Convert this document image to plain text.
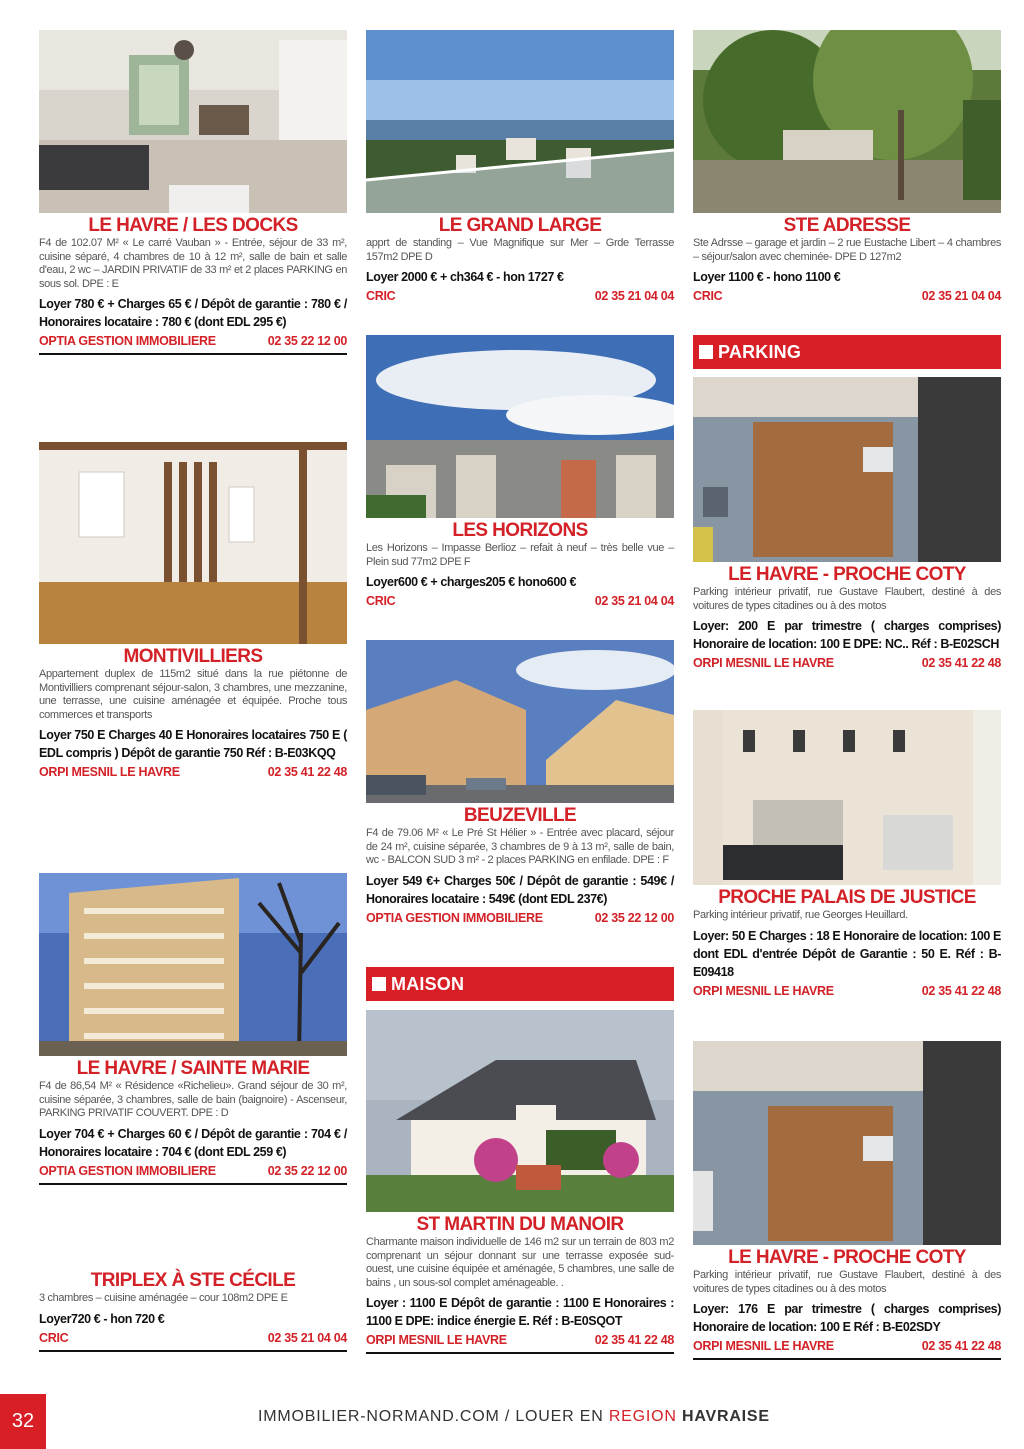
LE HAVRE / LES DOCKS
F4 de 102.07 M² « Le carré Vauban » - Entrée, séjour de 33 m², cuisine séparé, 4 chambres de 10 à 12 m², salle de bain et salle d'eau, 2 wc – JARDIN PRIVATIF de 33 m² et 2 places PARKING en sous sol. DPE : E
Loyer 780 € + Charges 65 € / Dépôt de garantie : 780 € / Honoraires locataire : 780 € (dont EDL 295 €)
OPTIA GESTION IMMOBILIERE	02 35 22 12 00
MONTIVILLIERS
Appartement duplex de 115m2 situé dans la rue piétonne de Montivilliers comprenant séjour-salon, 3 chambres, une mezzanine, une terrasse, une cuisine aménagée et équipée. Proche tous commerces et transports
Loyer 750 E Charges 40 E Honoraires locataires 750 E ( EDL compris ) Dépôt de garantie 750 Réf : B-E03KQQ
ORPI MESNIL LE HAVRE	02 35 41 22 48
LE HAVRE / SAINTE MARIE
F4 de 86,54 M² « Résidence «Richelieu». Grand séjour de 30 m², cuisine séparée, 3 chambres, salle de bain (baignoire) - Ascenseur, PARKING PRIVATIF COUVERT. DPE : D
Loyer 704 € + Charges 60 € / Dépôt de garantie : 704 € / Honoraires locataire : 704 € (dont EDL 259 €)
OPTIA GESTION IMMOBILIERE	02 35 22 12 00
TRIPLEX À STE CÉCILE
3 chambres – cuisine aménagée – cour 108m2 DPE E
Loyer720 € - hon 720 €
CRIC	02 35 21 04 04
LE GRAND LARGE
apprt de standing – Vue Magnifique sur Mer – Grde Terrasse 157m2 DPE D
Loyer 2000 € + ch364 € - hon 1727 €
CRIC	02 35 21 04 04
LES HORIZONS
Les Horizons – Impasse Berlioz – refait à neuf – très belle vue – Plein sud 77m2 DPE F
Loyer600 € + charges205 € hono600 €
CRIC	02 35 21 04 04
BEUZEVILLE
F4 de 79.06 M² « Le Pré St Hélier » - Entrée avec placard, séjour de 24 m², cuisine séparée, 3 chambres de 9 à 13 m², salle de bain, wc - BALCON SUD 3 m² - 2 places PARKING en enfilade. DPE : F
Loyer 549 €+ Charges 50€ / Dépôt de garantie : 549€ / Honoraires locataire : 549€ (dont EDL 237€)
OPTIA GESTION IMMOBILIERE	02 35 22 12 00
MAISON
ST MARTIN DU MANOIR
Charmante maison individuelle de 146 m2 sur un terrain de 803 m2 comprenant un séjour donnant sur une terrasse exposée sud-ouest, une cuisine équipée et aménagée, 5 chambres, une salle de bains , un sous-sol complet aménageable. .
Loyer : 1100 E Dépôt de garantie : 1100 E Honoraires : 1100 E DPE: indice énergie E. Réf : B-E0SQOT
ORPI MESNIL LE HAVRE	02 35 41 22 48
STE ADRESSE
Ste Adrsse – garage et jardin – 2 rue Eustache Libert – 4 chambres – séjour/salon avec cheminée- DPE D 127m2
Loyer 1100 € - hono 1100 €
CRIC	02 35 21 04 04
PARKING
LE HAVRE - PROCHE COTY
Parking intérieur privatif, rue Gustave Flaubert, destiné à des voitures de types citadines ou à des motos
Loyer: 200 E par trimestre ( charges comprises) Honoraire de location: 100 E DPE: NC.. Réf : B-E02SCH
ORPI MESNIL LE HAVRE	02 35 41 22 48
PROCHE PALAIS DE JUSTICE
Parking intérieur privatif, rue Georges Heuillard.
Loyer: 50 E Charges : 18 E Honoraire de location: 100 E dont EDL d'entrée Dépôt de Garantie : 50 E. Réf : B-E09418
ORPI MESNIL LE HAVRE	02 35 41 22 48
LE HAVRE - PROCHE COTY
Parking intérieur privatif, rue Gustave Flaubert, destiné à des voitures de types citadines ou à des motos
Loyer: 176 E par trimestre ( charges comprises) Honoraire de location: 100 E Réf : B-E02SDY
ORPI MESNIL LE HAVRE	02 35 41 22 48
32	IMMOBILIER-NORMAND.COM / LOUER EN REGION HAVRAISE
